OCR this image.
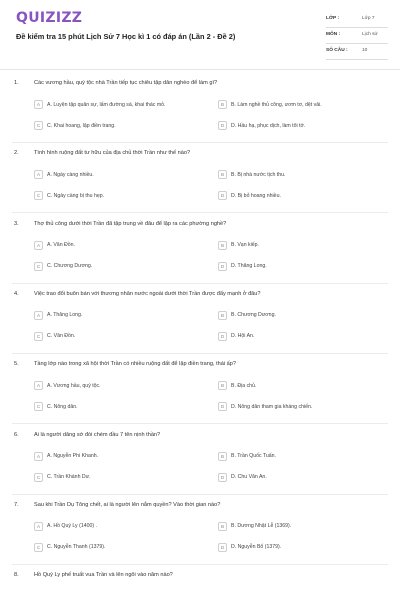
QUIZIZZ
Đề kiểm tra 15 phút Lịch Sử 7 Học kì 1 có đáp án (Lần 2 - Đề 2)
LỚP :	Lớp 7
MÔN :	Lịch sử
SỐ CÂU :	10
1.	Các vương hầu, quý tộc nhà Trần tiếp tục chiêu tập dân nghèo để làm gì?
A	A. Luyện tập quân sự, lấm đường sá, khai thác mỏ.	B	B. Làm nghề thủ công, ươm tơ, dệt vải.
C	C. Khai hoang, lập điền trang.	D	D. Hầu hạ, phục dịch, làm tôi tớ.
2.	Tình hình ruộng đất tư hữu của địa chủ thời Trần như thế nào?
A	A. Ngày càng nhiều.	B	B. Bị nhà nước tịch thu.
C	C. Ngày càng bị thu hẹp.	D	D. Bị bỏ hoang nhiều.
3.	Thợ thủ công dưới thời Trần đã tập trung về đâu để lập ra các phường nghề?
A	A. Vân Đồn.	B	B. Vạn kiếp.
C	C. Chương Dương.	D	D. Thăng Long.
4.	Việc trao đổi buôn bán với thương nhân nước ngoài dưới thời Trần được đẩy mạnh ở đâu?
A	A. Thăng Long.	B	B. Chương Dương.
C	C. Vân Đồn.	D	D. Hội An.
5.	Tầng lớp nào trong xã hội thời Trần có nhiều ruộng đất để lập điền trang, thái ấp?
A	A. Vương hầu, quý tộc.	B	B. Địa chủ.
C	C. Nông dân.	D	D. Nông dân tham gia kháng chiến.
6.	Ai là người dâng sớ đòi chém đầu 7 tên nịnh thần?
A	A. Nguyễn Phi Khanh.	B	B. Trần Quốc Tuấn.
C	C. Trần Khánh Dư.	D	D. Chu Văn An.
7.	Sau khi Trần Dụ Tông chết, ai là người lên nắm quyền? Vào thời gian nào?
A	A. Hồ Quý Ly (1400) .	B	B. Dương Nhật Lễ (1369).
C	C. Nguyễn Thanh (1379).	D	D. Nguyễn Bổ (1379).
8.	Hồ Quý Ly phế truất vua Trần và lên ngôi vào năm nào?
